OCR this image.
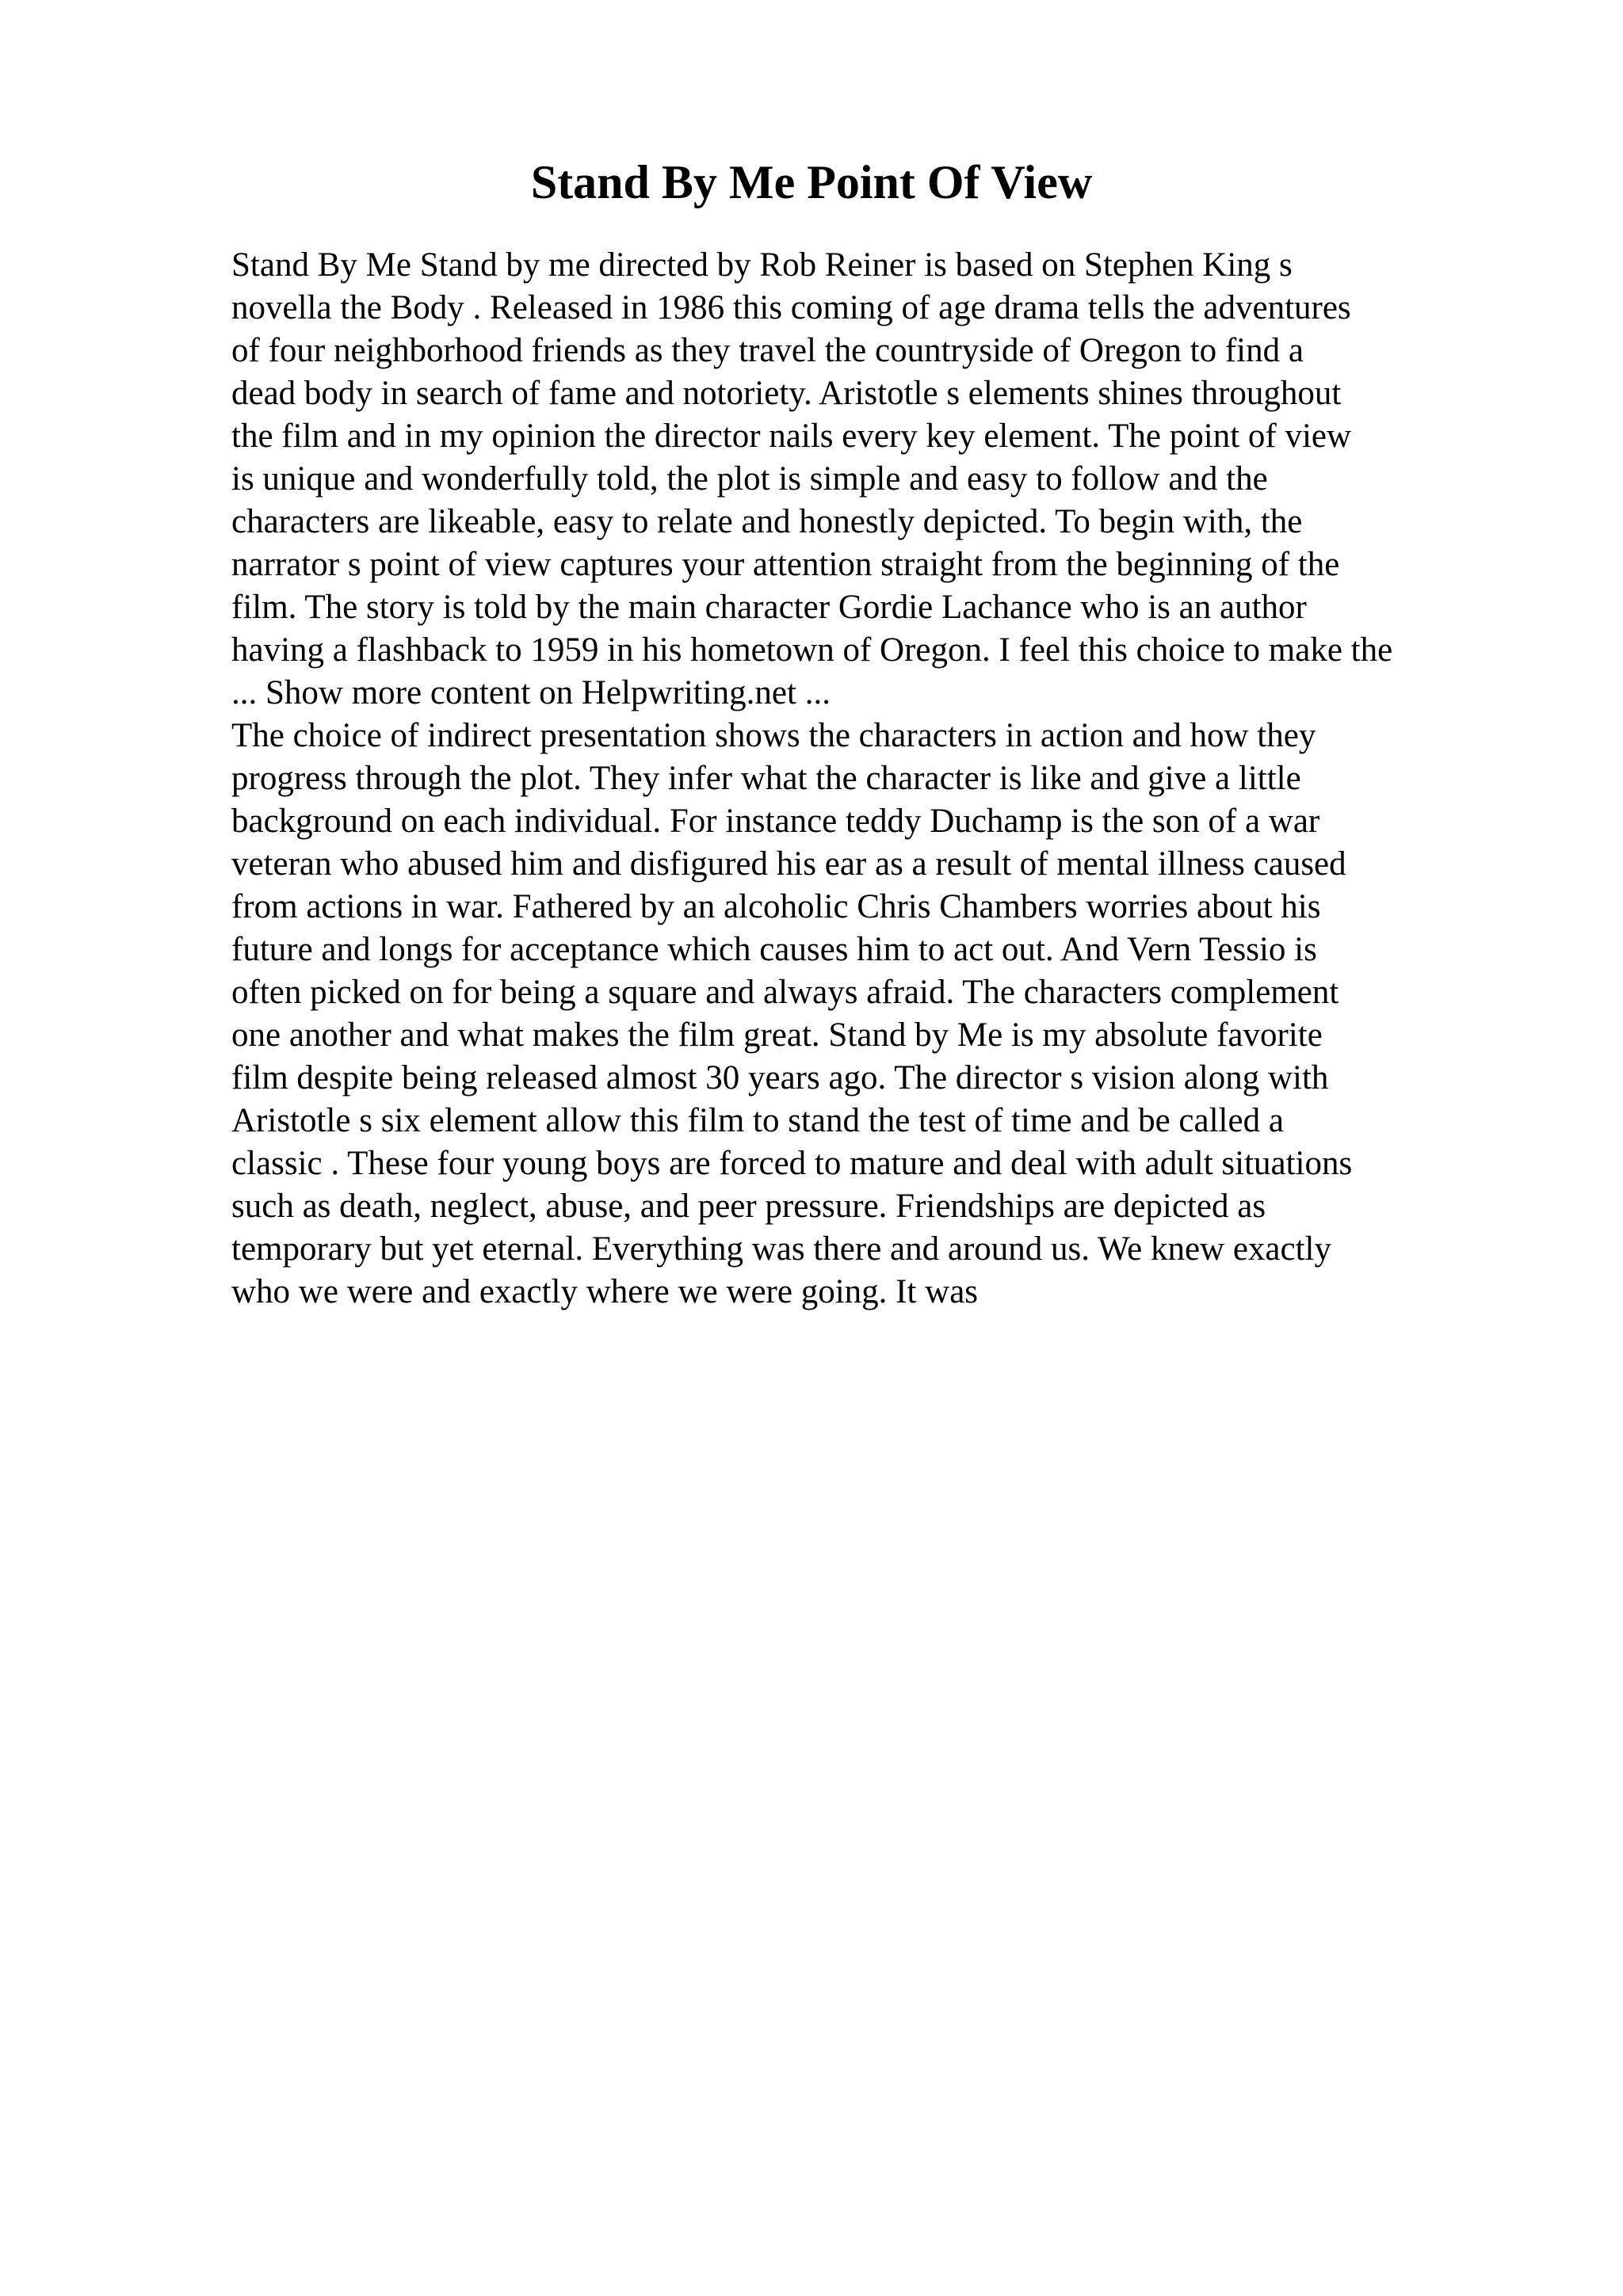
Stand By Me Point Of View
Stand By Me Stand by me directed by Rob Reiner is based on Stephen King s
novella the Body . Released in 1986 this coming of age drama tells the adventures
of four neighborhood friends as they travel the countryside of Oregon to find a
dead body in search of fame and notoriety. Aristotle s elements shines throughout
the film and in my opinion the director nails every key element. The point of view
is unique and wonderfully told, the plot is simple and easy to follow and the
characters are likeable, easy to relate and honestly depicted. To begin with, the
narrator s point of view captures your attention straight from the beginning of the
film. The story is told by the main character Gordie Lachance who is an author
having a flashback to 1959 in his hometown of Oregon. I feel this choice to make the
... Show more content on Helpwriting.net ...
The choice of indirect presentation shows the characters in action and how they
progress through the plot. They infer what the character is like and give a little
background on each individual. For instance teddy Duchamp is the son of a war
veteran who abused him and disfigured his ear as a result of mental illness caused
from actions in war. Fathered by an alcoholic Chris Chambers worries about his
future and longs for acceptance which causes him to act out. And Vern Tessio is
often picked on for being a square and always afraid. The characters complement
one another and what makes the film great. Stand by Me is my absolute favorite
film despite being released almost 30 years ago. The director s vision along with
Aristotle s six element allow this film to stand the test of time and be called a
classic . These four young boys are forced to mature and deal with adult situations
such as death, neglect, abuse, and peer pressure. Friendships are depicted as
temporary but yet eternal. Everything was there and around us. We knew exactly
who we were and exactly where we were going. It was
